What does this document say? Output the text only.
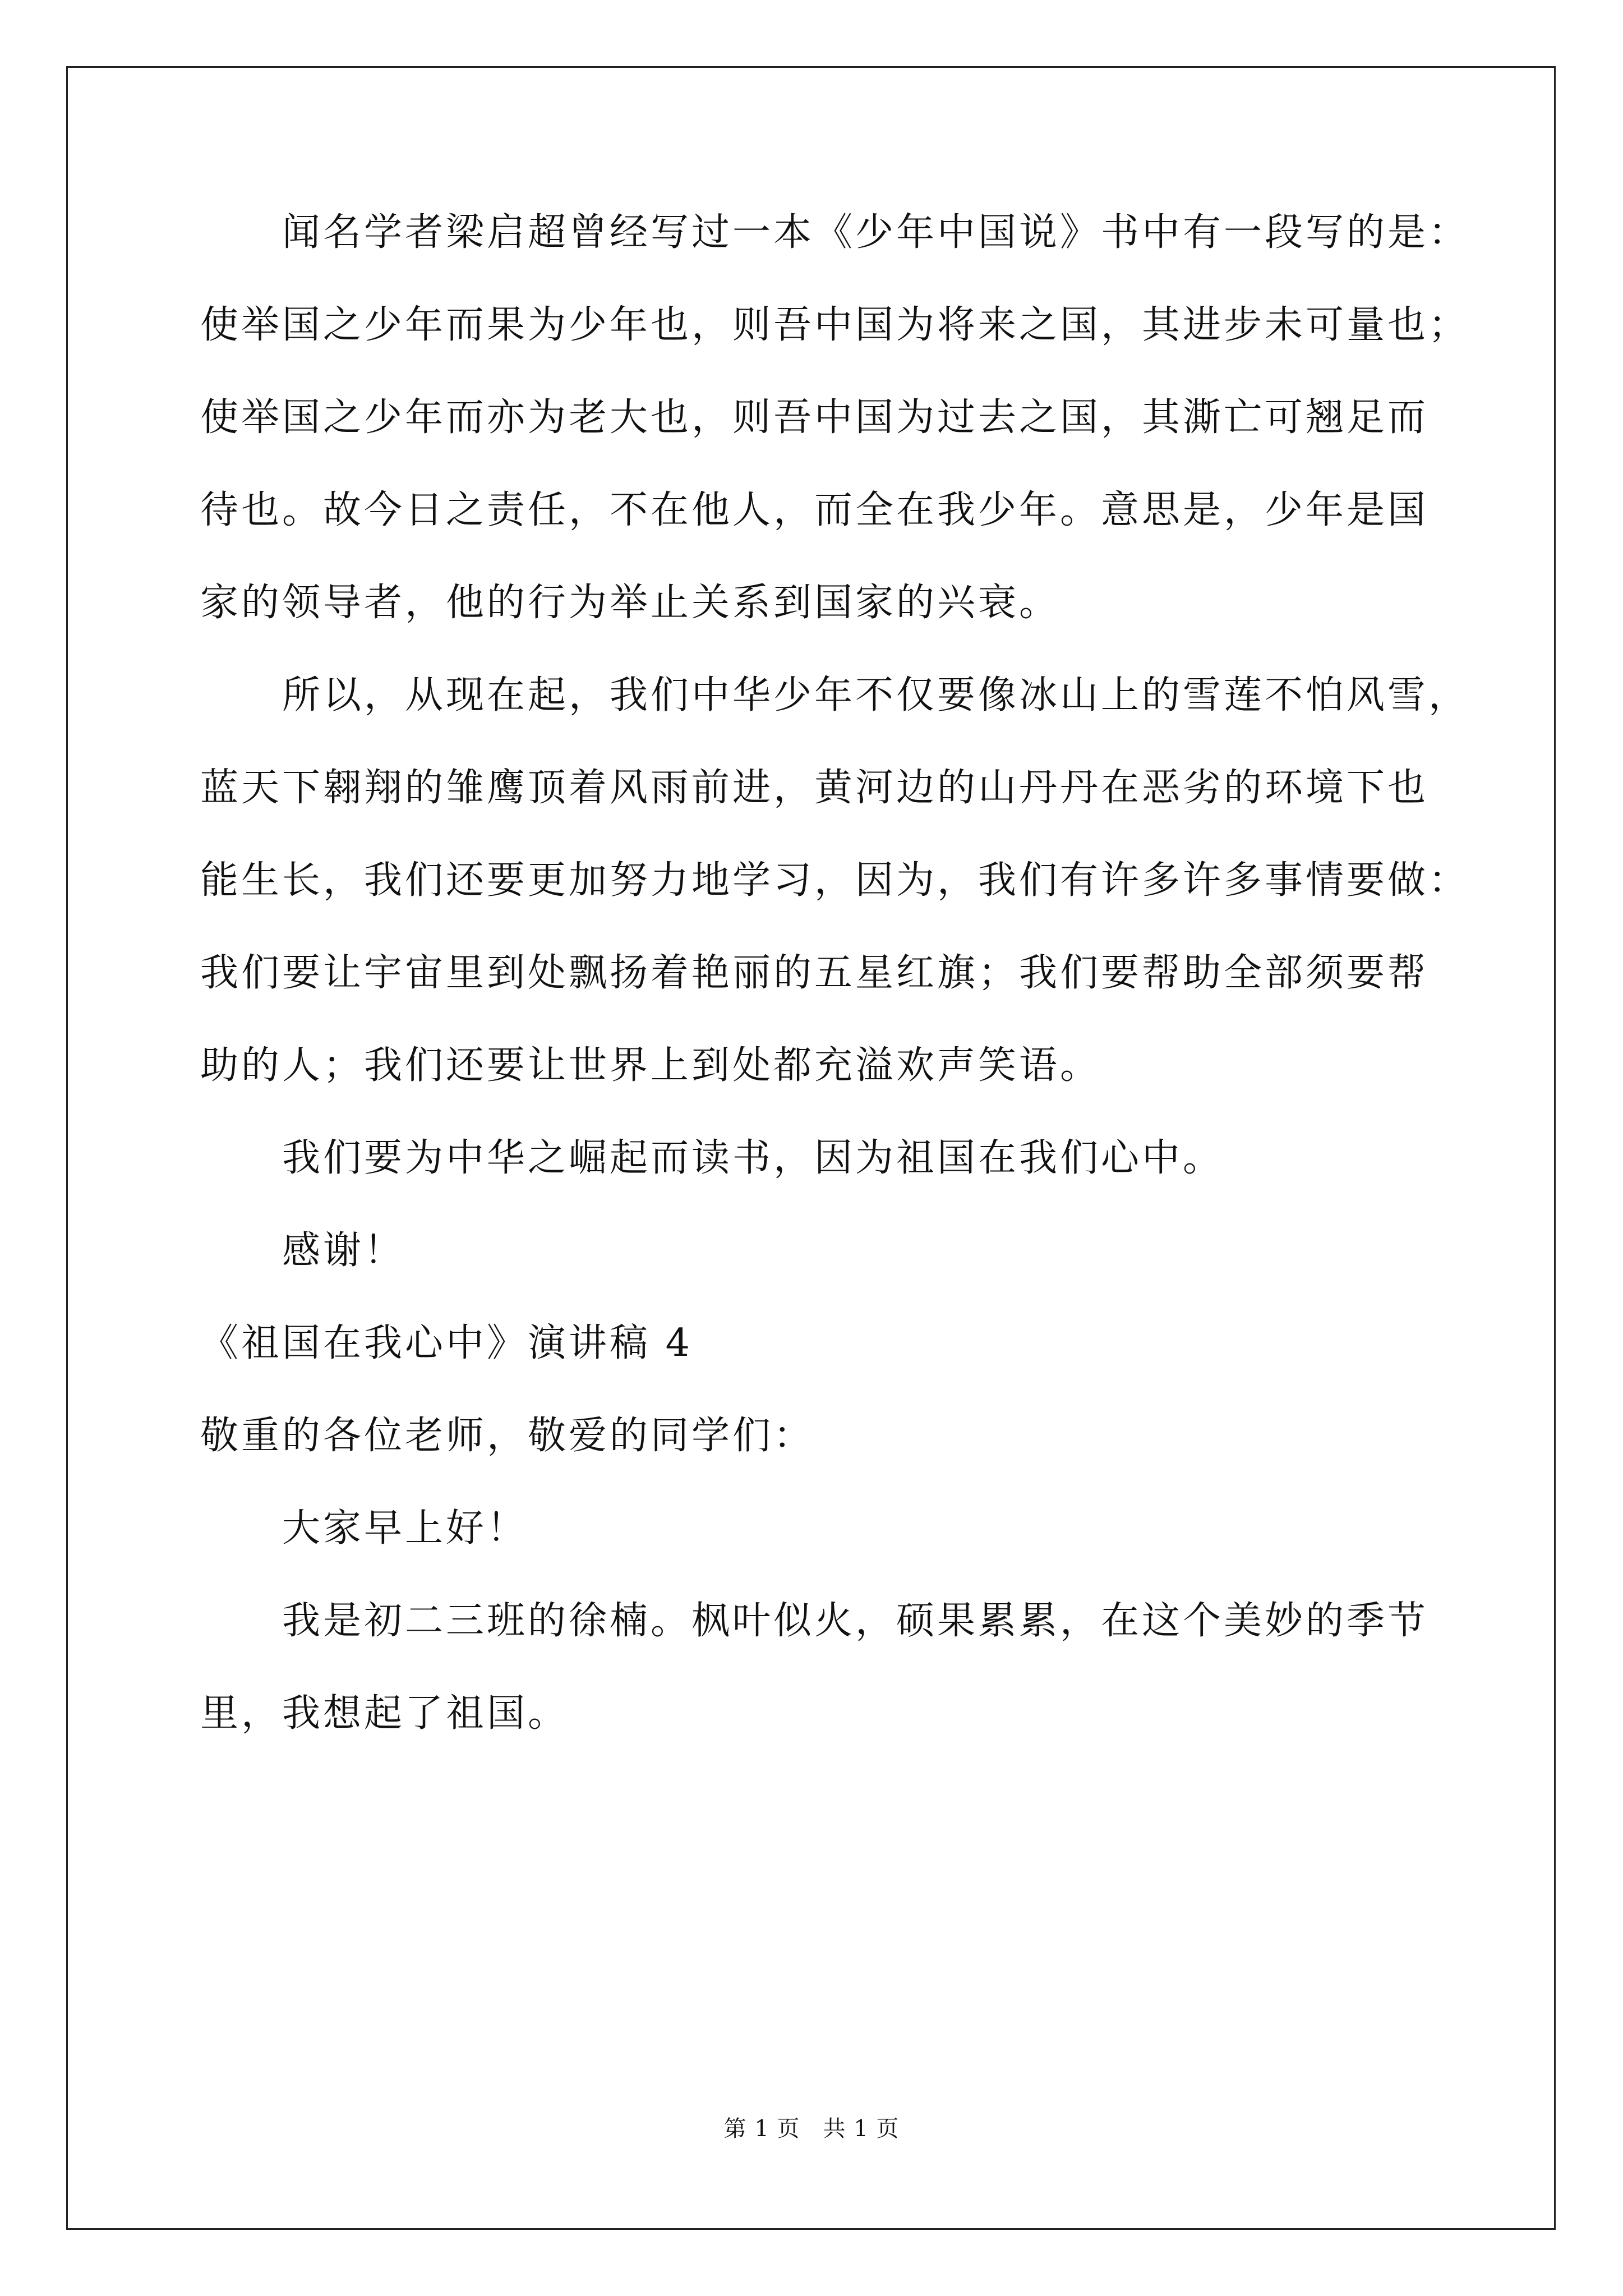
闻名学者梁启超曾经写过一本《少年中国说》书中有一段写的是：
使举国之少年而果为少年也，则吾中国为将来之国，其进步未可量也；
使举国之少年而亦为老大也，则吾中国为过去之国，其澌亡可翘足而
待也。故今日之责任，不在他人，而全在我少年。意思是，少年是国
家的领导者，他的行为举止关系到国家的兴衰。
所以，从现在起，我们中华少年不仅要像冰山上的雪莲不怕风雪，
蓝天下翱翔的雏鹰顶着风雨前进，黄河边的山丹丹在恶劣的环境下也
能生长，我们还要更加努力地学习，因为，我们有许多许多事情要做：
我们要让宇宙里到处飘扬着艳丽的五星红旗；我们要帮助全部须要帮
助的人；我们还要让世界上到处都充溢欢声笑语。
我们要为中华之崛起而读书，因为祖国在我们心中。
感谢！
《祖国在我心中》演讲稿 4
敬重的各位老师，敬爱的同学们：
大家早上好！
我是初二三班的徐楠。枫叶似火，硕果累累，在这个美妙的季节
里，我想起了祖国。
第 1 页　共 1 页
